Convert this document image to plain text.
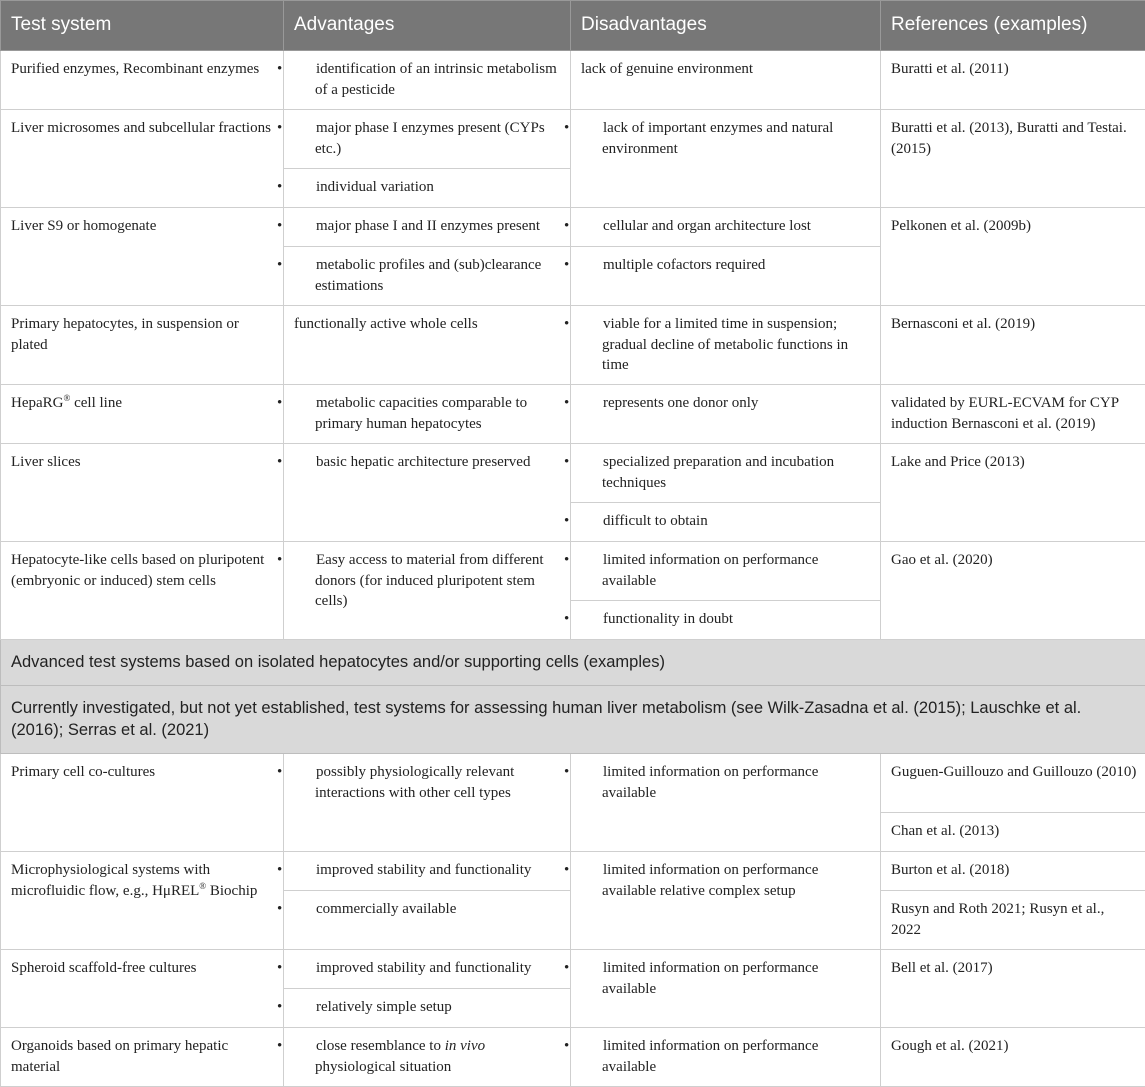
Test system	Advantages	Disadvantages	References (examples)
Purified enzymes, Recombinant enzymes	• identification of an intrinsic metabolism of a pesticide	lack of genuine environment	Buratti et al. (2011)
Liver microsomes and subcellular fractions	• major phase I enzymes present (CYPs etc.)	• lack of important enzymes and natural environment	Buratti et al. (2013), Buratti and Testai. (2015)

	• individual variation		

Liver S9 or homogenate	• major phase I and II enzymes present	• cellular and organ architecture lost	Pelkonen et al. (2009b)

	• metabolic profiles and (sub)clearance estimations	• multiple cofactors required	

Primary hepatocytes, in suspension or plated	functionally active whole cells	• viable for a limited time in suspension; gradual decline of metabolic functions in time	Bernasconi et al. (2019)
HepaRG® cell line	• metabolic capacities comparable to primary human hepatocytes	• represents one donor only	validated by EURL-ECVAM for CYP induction Bernasconi et al. (2019)
Liver slices	• basic hepatic architecture preserved	• specialized preparation and incubation techniques	Lake and Price (2013)

		• difficult to obtain	

Hepatocyte-like cells based on pluripotent (embryonic or induced) stem cells	• Easy access to material from different donors (for induced pluripotent stem cells)	• limited information on performance available	Gao et al. (2020)

		• functionality in doubt	

Advanced test systems based on isolated hepatocytes and/or supporting cells (examples)			
Currently investigated, but not yet established, test systems for assessing human liver metabolism (see Wilk-Zasadna et al. (2015); Lauschke et al. (2016); Serras et al. (2021)			
Primary cell co-cultures	• possibly physiologically relevant interactions with other cell types	• limited information on performance available	Guguen-Guillouzo and Guillouzo (2010)
			Chan et al. (2013)
Microphysiological systems with microfluidic flow, e.g., HμREL® Biochip	• improved stability and functionality	• limited information on performance available relative complex setup	Burton et al. (2018)

	• commercially available		Rusyn and Roth 2021; Rusyn et al., 2022
Spheroid scaffold-free cultures	• improved stability and functionality	• limited information on performance available	Bell et al. (2017)

	• relatively simple setup		

Organoids based on primary hepatic material	• close resemblance to in vivo physiological situation	• limited information on performance available	Gough et al. (2021)
